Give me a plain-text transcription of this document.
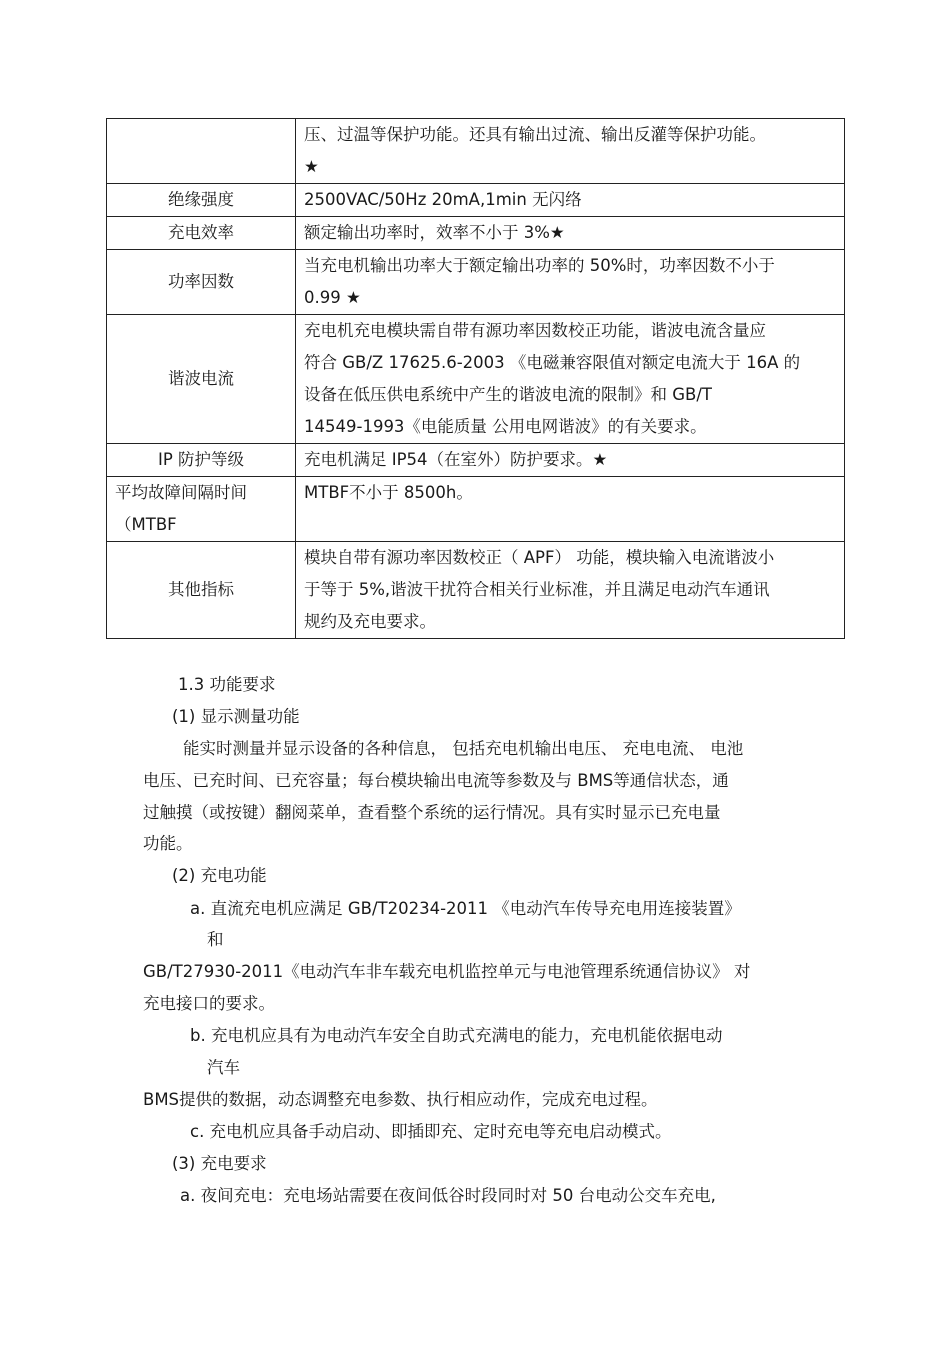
	压、过温等保护功能。还具有输出过流、输出反灌等保护功能。
★

绝缘强度	2500VAC/50Hz 20mA,1min 无闪络

充电效率	额定输出功率时，效率不小于 3%★

功率因数	当充电机输出功率大于额定输出功率的 50%时，功率因数不小于
0.99 ★

谐波电流	充电机充电模块需自带有源功率因数校正功能，谐波电流含量应
符合 GB/Z 17625.6-2003 《电磁兼容限值对额定电流大于 16A 的
设备在低压供电系统中产生的谐波电流的限制》和 GB/T
14549-1993《电能质量 公用电网谐波》的有关要求。

IP 防护等级	充电机满足 IP54（在室外）防护要求。★

平均故障间隔时间
（MTBF	MTBF不小于 8500h。

其他指标	模块自带有源功率因数校正（ APF） 功能，模块输入电流谐波小
于等于 5%,谐波干扰符合相关行业标准，并且满足电动汽车通讯
规约及充电要求。
1.3 功能要求
(1) 显示测量功能
能实时测量并显示设备的各种信息， 包括充电机输出电压、 充电电流、 电池
电压、已充时间、已充容量；每台模块输出电流等参数及与 BMS等通信状态，通
过触摸（或按键）翻阅菜单，查看整个系统的运行情况。具有实时显示已充电量
功能。
(2) 充电功能
a. 直流充电机应满足 GB/T20234-2011 《电动汽车传导充电用连接装置》
和
GB/T27930-2011《电动汽车非车载充电机监控单元与电池管理系统通信协议》 对
充电接口的要求。
b. 充电机应具有为电动汽车安全自助式充满电的能力，充电机能依据电动
汽车
BMS提供的数据，动态调整充电参数、执行相应动作，完成充电过程。
c. 充电机应具备手动启动、即插即充、定时充电等充电启动模式。
(3) 充电要求
a. 夜间充电：充电场站需要在夜间低谷时段同时对 50 台电动公交车充电,
